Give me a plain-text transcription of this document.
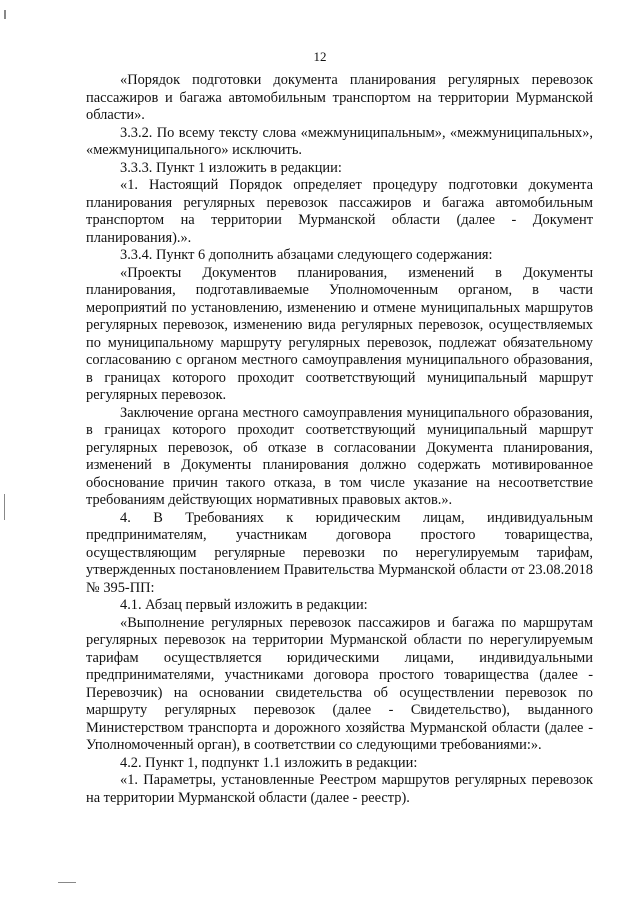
12

«Порядок подготовки документа планирования регулярных перевозок пассажиров и багажа автомобильным транспортом на территории Мурманской области».

3.3.2. По всему тексту слова «межмуниципальным», «межмуниципальных», «межмуниципального» исключить.

3.3.3. Пункт 1 изложить в редакции:

«1. Настоящий Порядок определяет процедуру подготовки документа планирования регулярных перевозок пассажиров и багажа автомобильным транспортом на территории Мурманской области (далее - Документ планирования).».

3.3.4. Пункт 6 дополнить абзацами следующего содержания:

«Проекты Документов планирования, изменений в Документы планирования, подготавливаемые Уполномоченным органом, в части мероприятий по установлению, изменению и отмене муниципальных маршрутов регулярных перевозок, изменению вида регулярных перевозок, осуществляемых по муниципальному маршруту регулярных перевозок, подлежат обязательному согласованию с органом местного самоуправления муниципального образования, в границах которого проходит соответствующий муниципальный маршрут регулярных перевозок.

Заключение органа местного самоуправления муниципального образования, в границах которого проходит соответствующий муниципальный маршрут регулярных перевозок, об отказе в согласовании Документа планирования, изменений в Документы планирования должно содержать мотивированное обоснование причин такого отказа, в том числе указание на несоответствие требованиям действующих нормативных правовых актов.».

4. В Требованиях к юридическим лицам, индивидуальным предпринимателям, участникам договора простого товарищества, осуществляющим регулярные перевозки по нерегулируемым тарифам, утвержденных постановлением Правительства Мурманской области от 23.08.2018 № 395-ПП:

4.1. Абзац первый изложить в редакции:

«Выполнение регулярных перевозок пассажиров и багажа по маршрутам регулярных перевозок на территории Мурманской области по нерегулируемым тарифам осуществляется юридическими лицами, индивидуальными предпринимателями, участниками договора простого товарищества (далее - Перевозчик) на основании свидетельства об осуществлении перевозок по маршруту регулярных перевозок (далее - Свидетельство), выданного Министерством транспорта и дорожного хозяйства Мурманской области (далее - Уполномоченный орган), в соответствии со следующими требованиями:».

4.2. Пункт 1, подпункт 1.1 изложить в редакции:

«1. Параметры, установленные Реестром маршрутов регулярных перевозок на территории Мурманской области (далее - реестр).
